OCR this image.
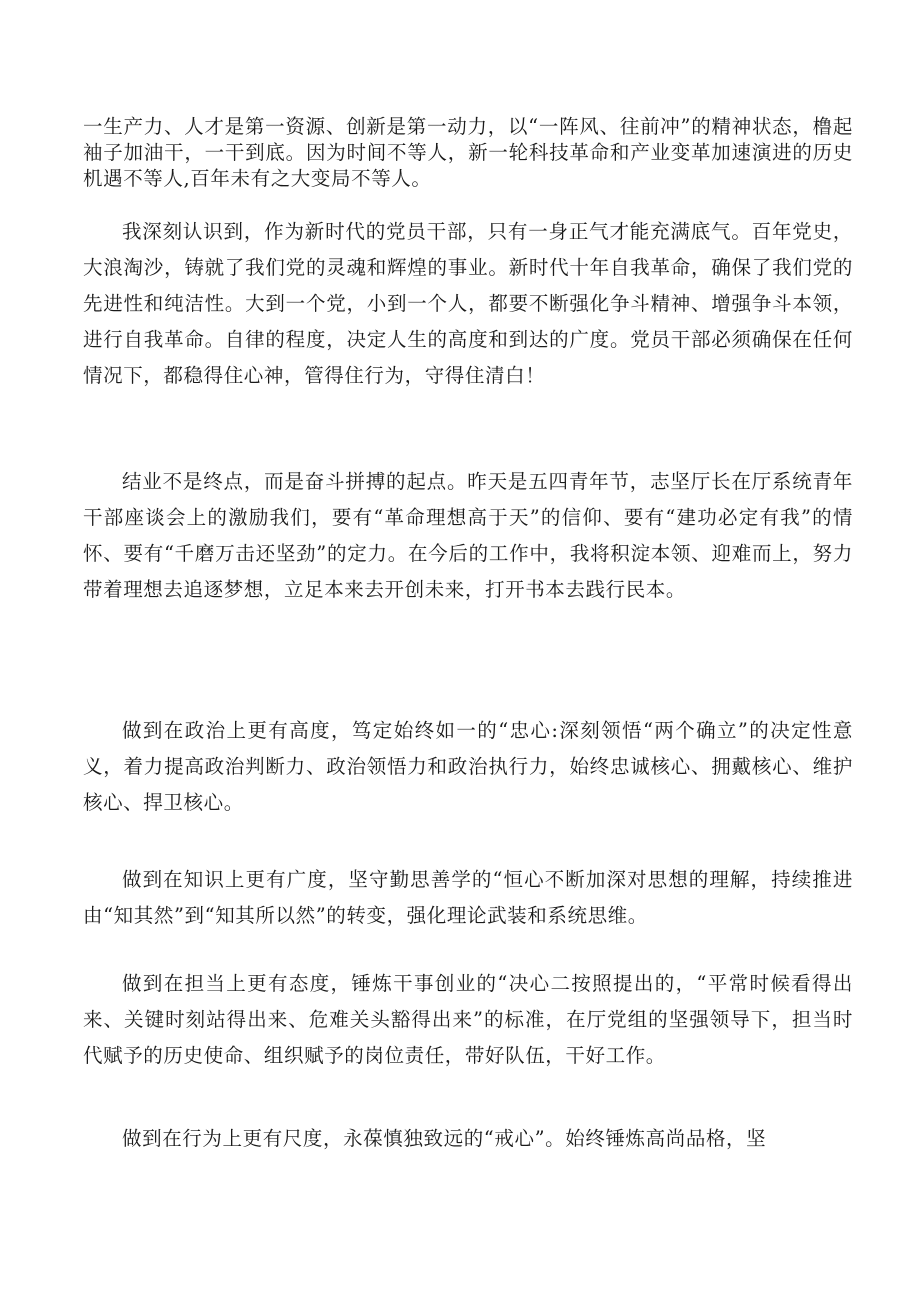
一生产力、人才是第一资源、创新是第一动力，以“一阵风、往前冲”的精神状态，橹起袖子加油干，一干到底。因为时间不等人，新一轮科技革命和产业变革加速演进的历史机遇不等人,百年未有之大变局不等人。

我深刻认识到，作为新时代的党员干部，只有一身正气才能充满底气。百年党史，大浪淘沙，铸就了我们党的灵魂和辉煌的事业。新时代十年自我革命，确保了我们党的先进性和纯洁性。大到一个党，小到一个人，都要不断强化争斗精神、增强争斗本领，进行自我革命。自律的程度，决定人生的高度和到达的广度。党员干部必须确保在任何情况下，都稳得住心神，管得住行为，守得住清白！

结业不是终点，而是奋斗拼搏的起点。昨天是五四青年节，志坚厅长在厅系统青年干部座谈会上的激励我们，要有“革命理想高于天”的信仰、要有“建功必定有我”的情怀、要有“千磨万击还坚劲”的定力。在今后的工作中，我将积淀本领、迎难而上，努力带着理想去追逐梦想，立足本来去开创未来，打开书本去践行民本。

做到在政治上更有高度，笃定始终如一的“忠心:深刻领悟“两个确立”的决定性意义，着力提高政治判断力、政治领悟力和政治执行力，始终忠诚核心、拥戴核心、维护核心、捍卫核心。

做到在知识上更有广度，坚守勤思善学的“恒心不断加深对思想的理解，持续推进由“知其然”到“知其所以然”的转变，强化理论武装和系统思维。

做到在担当上更有态度，锤炼干事创业的“决心二按照提出的，“平常时候看得出来、关键时刻站得出来、危难关头豁得出来”的标准，在厅党组的坚强领导下，担当时代赋予的历史使命、组织赋予的岗位责任，带好队伍，干好工作。

做到在行为上更有尺度，永葆慎独致远的“戒心”。始终锤炼高尚品格，坚
